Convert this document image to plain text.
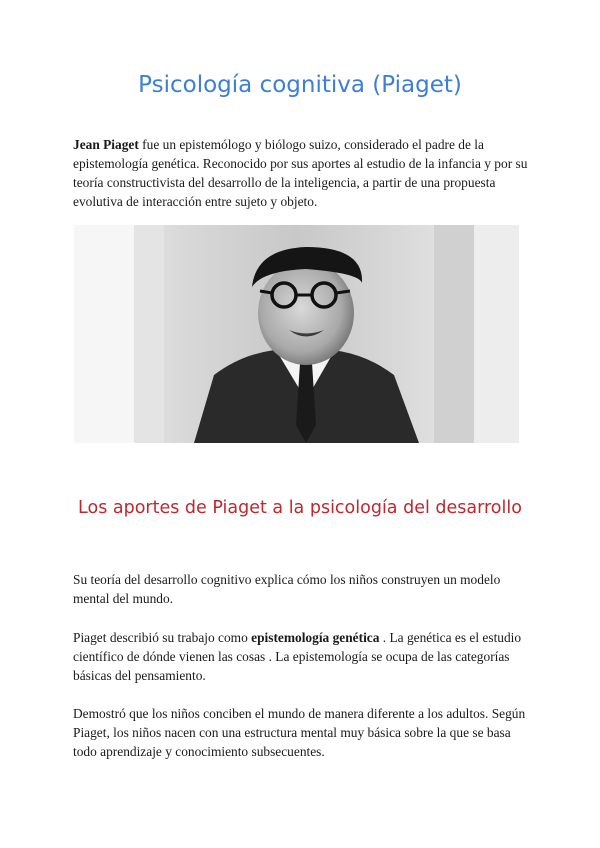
Psicología cognitiva (Piaget)

Jean Piaget fue un epistemólogo y biólogo suizo, considerado el padre de la epistemología genética. Reconocido por sus aportes al estudio de la infancia y por su teoría constructivista del desarrollo de la inteligencia, a partir de una propuesta evolutiva de interacción entre sujeto y objeto.

Los aportes de Piaget a la psicología del desarrollo

Su teoría del desarrollo cognitivo explica cómo los niños construyen un modelo mental del mundo.

Piaget describió su trabajo como epistemología genética . La genética es el estudio científico de dónde vienen las cosas . La epistemología se ocupa de las categorías básicas del pensamiento.

Demostró que los niños conciben el mundo de manera diferente a los adultos. Según Piaget, los niños nacen con una estructura mental muy básica sobre la que se basa todo aprendizaje y conocimiento subsecuentes.
